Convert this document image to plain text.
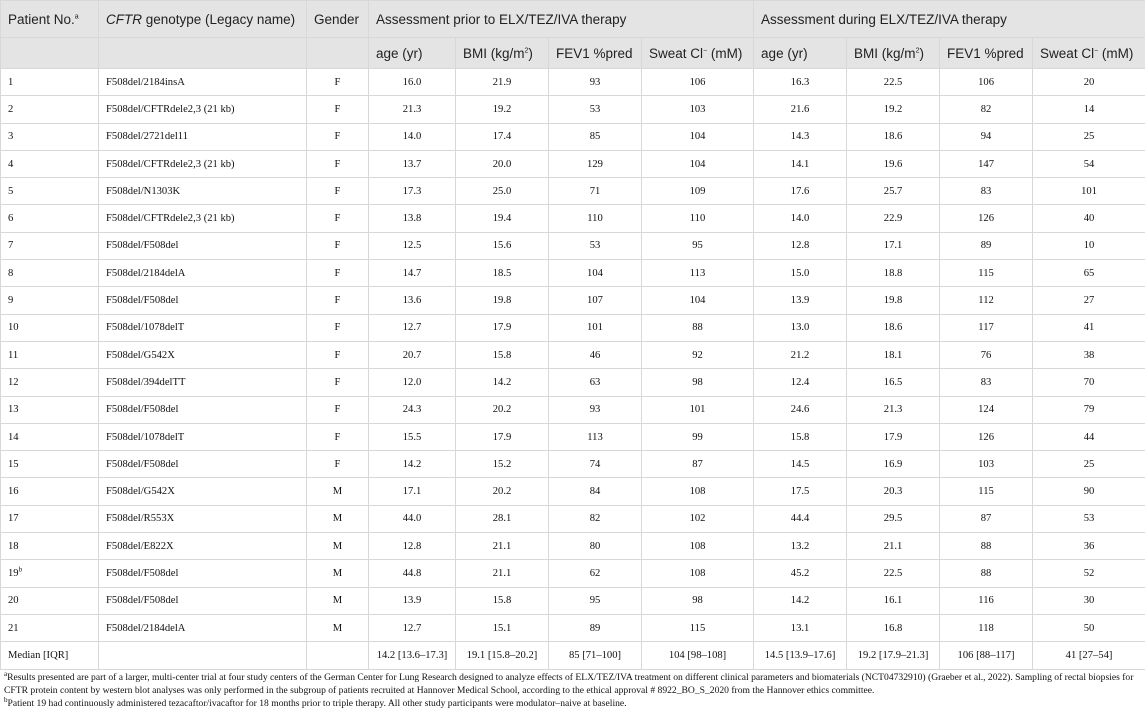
Patient No.$^a$	CFTR genotype (Legacy name)	Gender	Assessment prior to ELX/TEZ/IVA therapy				Assessment during ELX/TEZ/IVA therapy			
			age (yr)	BMI $(kg/m^2)$	FEV1 %pred	Sweat Cl− (mM)	age (yr)	BMI $(kg/m^2)$	FEV1 %pred	Sweat Cl− (mM)
1	F508del/2184insA	F	16.0	21.9	93	106	16.3	22.5	106	20
2	F508del/CFTRdele2,3 (21 kb)	F	21.3	19.2	53	103	21.6	19.2	82	14
3	F508del/2721del11	F	14.0	17.4	85	104	14.3	18.6	94	25
4	F508del/CFTRdele2,3 (21 kb)	F	13.7	20.0	129	104	14.1	19.6	147	54
5	F508del/N1303K	F	17.3	25.0	71	109	17.6	25.7	83	101
6	F508del/CFTRdele2,3 (21 kb)	F	13.8	19.4	110	110	14.0	22.9	126	40
7	F508del/F508del	F	12.5	15.6	53	95	12.8	17.1	89	10
8	F508del/2184delA	F	14.7	18.5	104	113	15.0	18.8	115	65
9	F508del/F508del	F	13.6	19.8	107	104	13.9	19.8	112	27
10	F508del/1078delT	F	12.7	17.9	101	88	13.0	18.6	117	41
11	F508del/G542X	F	20.7	15.8	46	92	21.2	18.1	76	38
12	F508del/394delTT	F	12.0	14.2	63	98	12.4	16.5	83	70
13	F508del/F508del	F	24.3	20.2	93	101	24.6	21.3	124	79
14	F508del/1078delT	F	15.5	17.9	113	99	15.8	17.9	126	44
15	F508del/F508del	F	14.2	15.2	74	87	14.5	16.9	103	25
16	F508del/G542X	M	17.1	20.2	84	108	17.5	20.3	115	90
17	F508del/R553X	M	44.0	28.1	82	102	44.4	29.5	87	53
18	F508del/E822X	M	12.8	21.1	80	108	13.2	21.1	88	36
19$^b$	F508del/F508del	M	44.8	21.1	62	108	45.2	22.5	88	52
20	F508del/F508del	M	13.9	15.8	95	98	14.2	16.1	116	30
21	F508del/2184delA	M	12.7	15.1	89	115	13.1	16.8	118	50
Median [IQR]			14.2 [13.6–17.3]	19.1 [15.8–20.2]	85 [71–100]	104 [98–108]	14.5 [13.9–17.6]	19.2 [17.9–21.3]	106 [88–117]	41 [27–54]

$^a$Results presented are part of a larger, multi-center trial at four study centers of the German Center for Lung Research designed to analyze effects of ELX/TEZ/IVA treatment on different clinical parameters and biomaterials (NCT04732910) (Graeber et al., 2022). Sampling of rectal biopsies for CFTR protein content by western blot analyses was only performed in the subgroup of patients recruited at Hannover Medical School, according to the ethical approval # 8922_BO_S_2020 from the Hannover ethics committee.

$^b$Patient 19 had continuously administered tezacaftor/ivacaftor for 18 months prior to triple therapy. All other study participants were modulator–naive at baseline.
